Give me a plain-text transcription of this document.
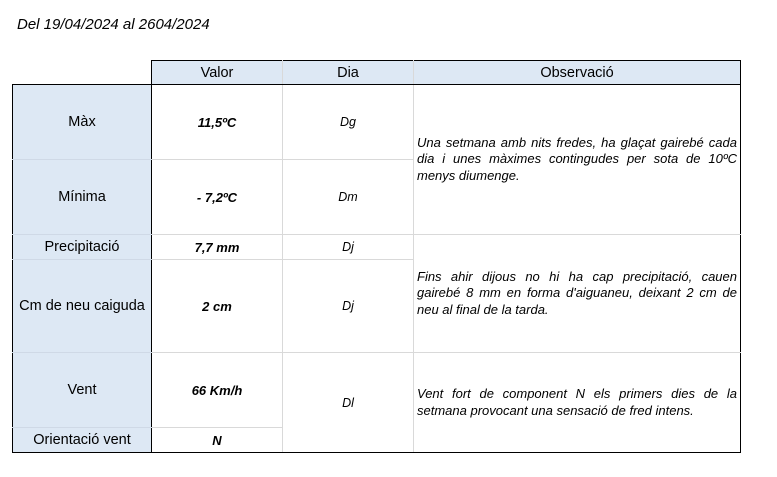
Del 19/04/2024 al 2604/2024
	Valor	Dia	Observació
Màx	11,5ºC	Dg	Una setmana amb nits fredes, ha glaçat gairebé cada dia i unes màximes contingudes per sota de 10ºC menys diumenge.
Mínima	- 7,2ºC	Dm	
Precipitació	7,7 mm	Dj	Fins ahir dijous no hi ha cap precipitació, cauen gairebé 8 mm en forma d'aiguaneu, deixant 2 cm de neu al final de la tarda.
Cm de neu caiguda	2 cm	Dj	
Vent	66 Km/h	Dl	Vent fort de component N els primers dies de la setmana provocant una sensació de fred intens.
Orientació vent	N		
